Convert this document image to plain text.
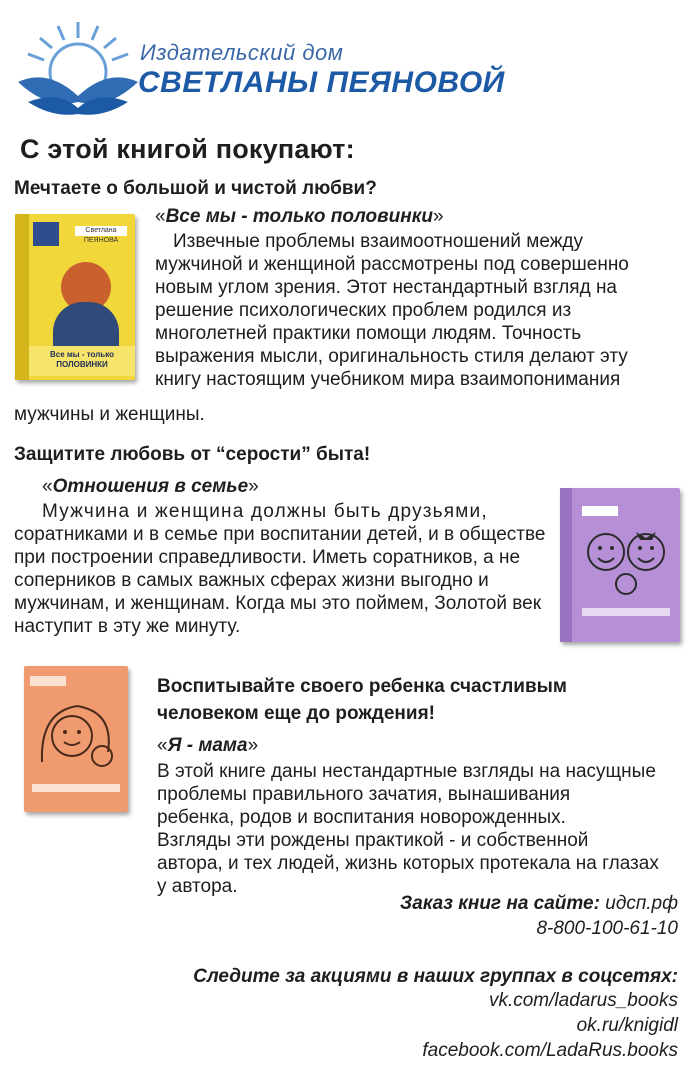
Издательский дом
СВЕТЛАНЫ ПЕЯНОВОЙ
С этой книгой покупают:
Мечтаете о большой и чистой любви?
Светлана ПЕЯНОВА
Все мы - только ПОЛОВИНКИ
«Все мы - только половинки»
Извечные проблемы взаимоотношений между
мужчиной и женщиной рассмотрены под совершенно
новым углом зрения. Этот нестандартный взгляд на
решение психологических проблем родился из
многолетней практики помощи людям. Точность
выражения мысли, оригинальность стиля делают эту
книгу настоящим учебником мира взаимопонимания
мужчины и женщины.
Защитите любовь от “серости” быта!
«Отношения в семье»
Мужчина и женщина должны быть друзьями,
соратниками и в семье при воспитании детей, и в обществе
при построении справедливости. Иметь соратников, а не
соперников в самых важных сферах жизни выгодно и
мужчинам, и женщинам. Когда мы это поймем, Золотой век
наступит в эту же минуту.
Воспитывайте своего ребенка счастливым
человеком еще до рождения!
«Я - мама»
В этой книге даны нестандартные взгляды на насущные
проблемы правильного зачатия, вынашивания
ребенка, родов и воспитания новорожденных.
Взгляды эти рождены практикой - и собственной
автора, и тех людей, жизнь которых протекала на глазах
у автора.
Заказ книг на сайте: идсп.рф
8-800-100-61-10
Следите за акциями в наших группах в соцсетях:
vk.com/ladarus_books
ok.ru/knigidl
facebook.com/LadaRus.books
